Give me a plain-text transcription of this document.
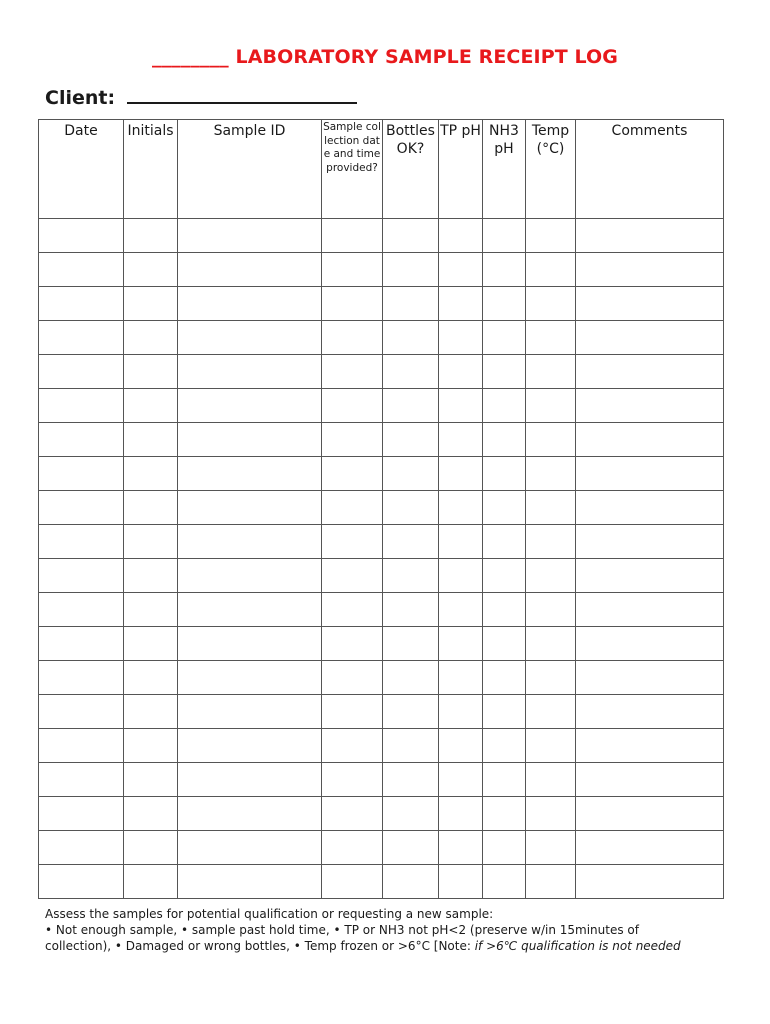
________ LABORATORY SAMPLE RECEIPT LOG
Client:
Date	Initials	Sample ID	Sample collection date and time provided?	Bottles OK?	TP pH	NH3 pH	Temp (°C)	Comments

Assess the samples for potential qualification or requesting a new sample:
• Not enough sample, • sample past hold time, • TP or NH3 not pH<2 (preserve w/in 15minutes of
collection), • Damaged or wrong bottles, • Temp frozen or >6°C [Note: if >6℃ qualification is not needed
